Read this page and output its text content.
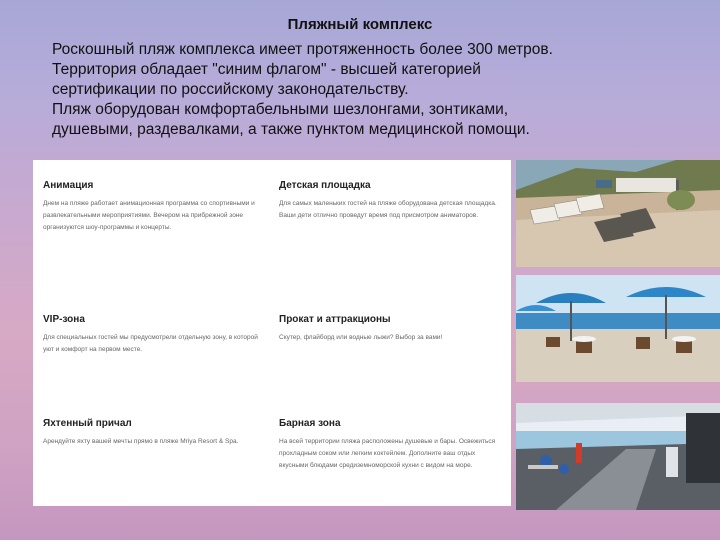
Пляжный комплекс
Роскошный пляж комплекса имеет протяженность более 300 метров.
Территория обладает "синим флагом" - высшей категорией
сертификации по российскому законодательству.
Пляж оборудован комфортабельными шезлонгами, зонтиками,
душевыми, раздевалками, а также пунктом медицинской помощи.
Анимация
Днем на пляже работает анимационная программа со спортивными и развлекательными мероприятиями. Вечером на прибрежной зоне организуются шоу-программы и концерты.
Детская площадка
Для самых маленьких гостей на пляже оборудована детская площадка. Ваши дети отлично проведут время под присмотром аниматоров.
VIP-зона
Для специальных гостей мы предусмотрели отдельную зону, в которой уют и комфорт на первом месте.
Прокат и аттракционы
Скутер, флайборд или водные лыжи? Выбор за вами!
Яхтенный причал
Арендуйте яхту вашей мечты прямо в пляже Mriya Resort & Spa.
Барная зона
На всей территории пляжа расположены душевые и бары. Освежиться прохладным соком или легким коктейлем. Дополните ваш отдых вкусными блюдами средиземноморской кухни с видом на море.
